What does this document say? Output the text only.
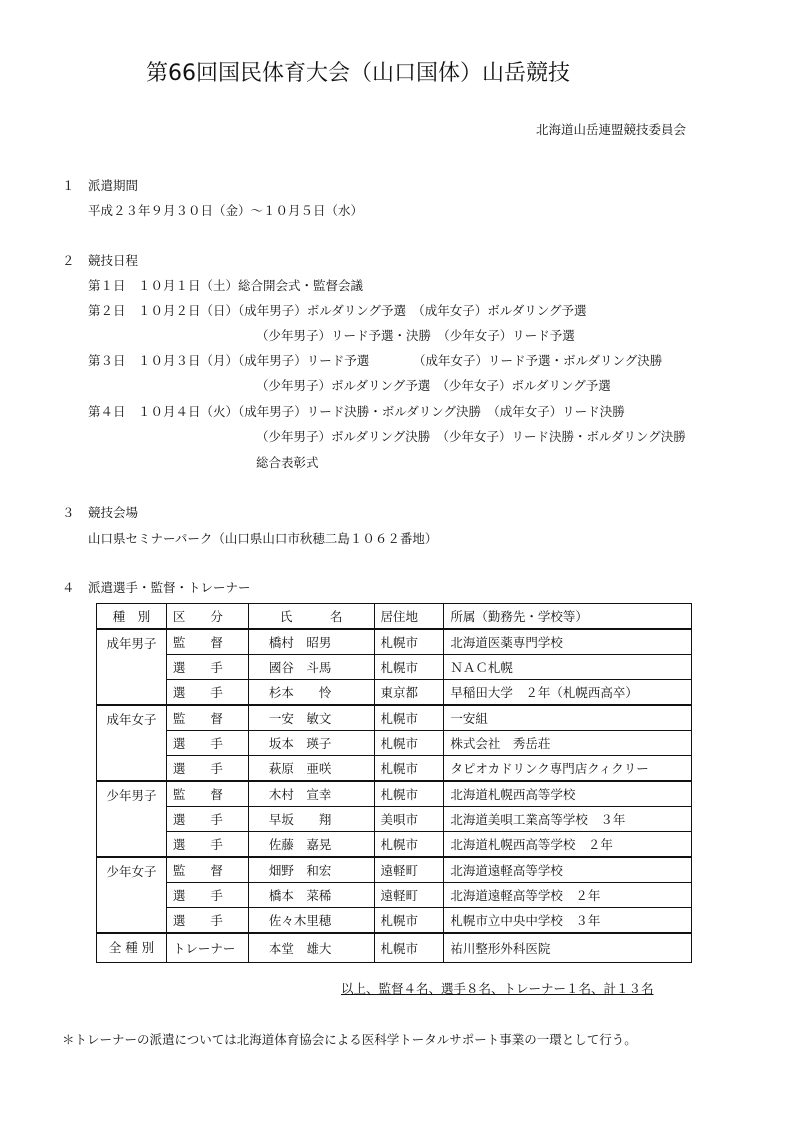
第66回国民体育大会（山口国体）山岳競技
北海道山岳連盟競技委員会
１ 派遣期間
平成２３年９月３０日（金）～１０月５日（水）
２ 競技日程
第１日　１０月１日（土）総合開会式・監督会議
第２日　１０月２日（日）（成年男子）ボルダリング予選　（成年女子）ボルダリング予選
（少年男子）リード予選・決勝　（少年女子）リード予選
第３日　１０月３日（月）（成年男子）リード予選　　　　（成年女子）リード予選・ボルダリング決勝
（少年男子）ボルダリング予選　（少年女子）ボルダリング予選
第４日　１０月４日（火）（成年男子）リード決勝・ボルダリング決勝　（成年女子）リード決勝
（少年男子）ボルダリング決勝　（少年女子）リード決勝・ボルダリング決勝
総合表彰式
３ 競技会場
山口県セミナーパーク（山口県山口市秋穂二島１０６２番地）
４ 派遣選手・監督・トレーナー
種　別	区　　分	氏　　　名	居住地	所属（勤務先・学校等）
成年男子	監　　督	橋村　昭男	札幌市	北海道医薬専門学校
	選　　手	國谷　斗馬	札幌市	ＮＡＣ札幌
	選　　手	杉本　　怜	東京都	早稲田大学　２年（札幌西高卒）
成年女子	監　　督	一安　敏文	札幌市	一安組
	選　　手	坂本　瑛子	札幌市	株式会社　秀岳荘
	選　　手	萩原　亜咲	札幌市	タピオカドリンク専門店クィクリー
少年男子	監　　督	木村　宣幸	札幌市	北海道札幌西高等学校
	選　　手	早坂　　翔	美唄市	北海道美唄工業高等学校　３年
	選　　手	佐藤　嘉晃	札幌市	北海道札幌西高等学校　２年
少年女子	監　　督	畑野　和宏	遠軽町	北海道遠軽高等学校
	選　　手	橋本　菜稀	遠軽町	北海道遠軽高等学校　２年
	選　　手	佐々木里穂	札幌市	札幌市立中央中学校　３年
全 種 別	トレーナー	本堂　雄大	札幌市	祐川整形外科医院
以上、監督４名、選手８名、トレーナー１名、計１３名
＊トレーナーの派遣については北海道体育協会による医科学トータルサポート事業の一環として行う。
